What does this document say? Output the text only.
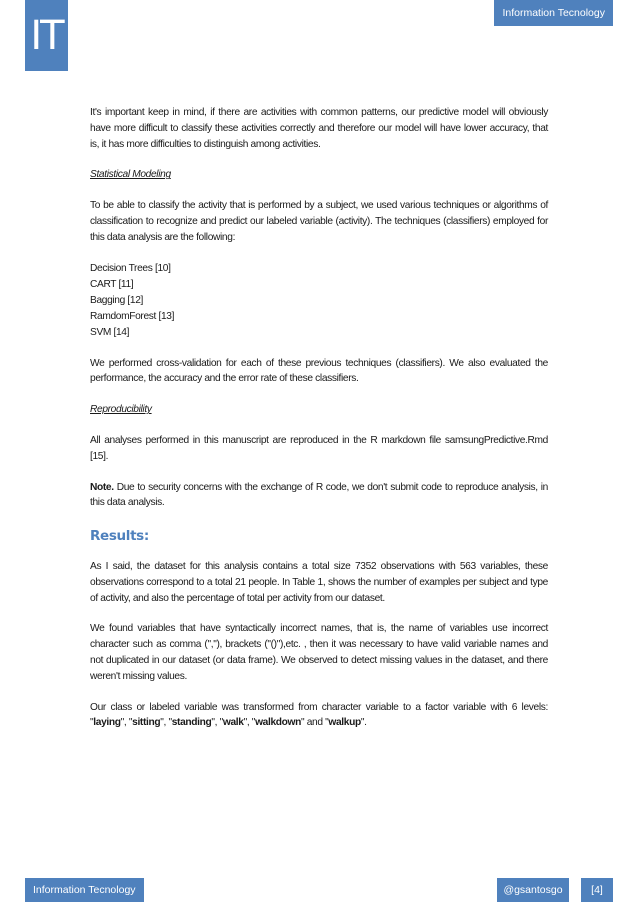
IT	Information Tecnology

It's important keep in mind, if there are activities with common patterns, our predictive model will obviously have more difficult to classify these activities correctly and therefore our model will have lower accuracy, that is, it has more difficulties to distinguish among activities.

Statistical Modeling

To be able to classify the activity that is performed by a subject, we used various techniques or algorithms of classification to recognize and predict our labeled variable (activity). The techniques (classifiers) employed for this data analysis are the following:

Decision Trees [10]
CART [11]
Bagging [12]
RamdomForest [13]
SVM [14]

We performed cross-validation for each of these previous techniques (classifiers). We also evaluated the performance, the accuracy and the error rate of these classifiers.

Reproducibility

All analyses performed in this manuscript are reproduced in the R markdown file samsungPredictive.Rmd [15].

Note. Due to security concerns with the exchange of R code, we don't submit code to reproduce analysis, in this data analysis.

Results:

As I said, the dataset for this analysis contains a total size 7352 observations with 563 variables, these observations correspond to a total 21 people. In Table 1, shows the number of examples per subject and type of activity, and also the percentage of total per activity from our dataset.

We found variables that have syntactically incorrect names, that is, the name of variables use incorrect character such as comma (","), brackets ("()"),etc. , then it was necessary to have valid variable names and not duplicated in our dataset (or data frame). We observed to detect missing values in the dataset, and there weren't missing values.

Our class or labeled variable was transformed from character variable to a factor variable with 6 levels: "laying", "sitting", "standing", "walk", "walkdown" and "walkup".

Information Tecnology	@gsantosgo	[4]
